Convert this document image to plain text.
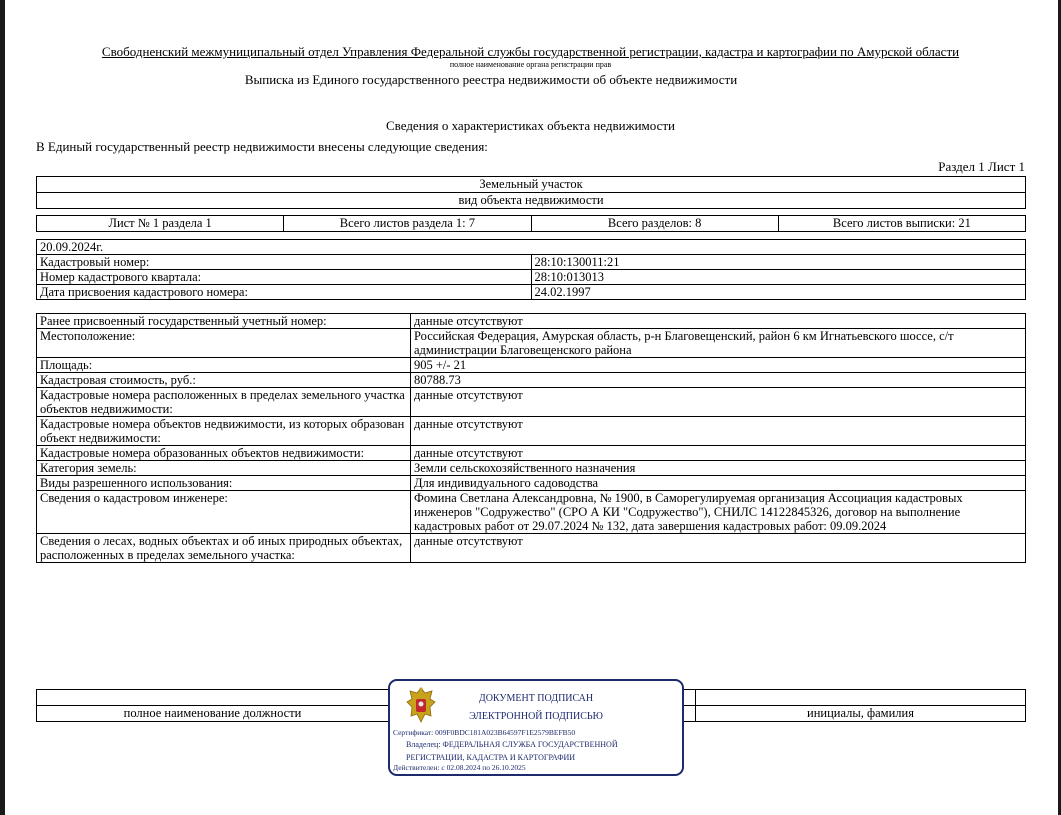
Свободненский межмуниципальный отдел Управления Федеральной службы государственной регистрации, кадастра и картографии по Амурской области
полное наименование органа регистрации прав
Выписка из Единого государственного реестра недвижимости об объекте недвижимости
Сведения о характеристиках объекта недвижимости
В Единый государственный реестр недвижимости внесены следующие сведения:
Раздел 1 Лист 1
Земельный участок
вид объекта недвижимости
Лист № 1 раздела 1	Всего листов раздела 1: 7	Всего разделов: 8	Всего листов выписки: 21
20.09.2024г.	
Кадастровый номер:	28:10:130011:21
Номер кадастрового квартала:	28:10:013013
Дата присвоения кадастрового номера:	24.02.1997
Ранее присвоенный государственный учетный номер:	данные отсутствуют
Местоположение:	Российская Федерация, Амурская область, р-н Благовещенский, район 6 км Игнатьевского шоссе, с/т администрации Благовещенского района
Площадь:	905 +/- 21
Кадастровая стоимость, руб.:	80788.73
Кадастровые номера расположенных в пределах земельного участка объектов недвижимости:	данные отсутствуют
Кадастровые номера объектов недвижимости, из которых образован объект недвижимости:	данные отсутствуют
Кадастровые номера образованных объектов недвижимости:	данные отсутствуют
Категория земель:	Земли сельскохозяйственного назначения
Виды разрешенного использования:	Для индивидуального садоводства
Сведения о кадастровом инженере:	Фомина Светлана Александровна, № 1900, в Саморегулируемая организация Ассоциация кадастровых инженеров "Содружество" (СРО А КИ "Содружество"), СНИЛС 14122845326, договор на выполнение кадастровых работ от 29.07.2024 № 132, дата завершения кадастровых работ: 09.09.2024
Сведения о лесах, водных объектах и об иных природных объектах, расположенных в пределах земельного участка:	данные отсутствуют

полное наименование должности		инициалы, фамилия
ДОКУМЕНТ ПОДПИСАН
ЭЛЕКТРОННОЙ ПОДПИСЬЮ
Сертификат: 009F0BDC181A023B64597F1E2579BEFB50
Владелец: ФЕДЕРАЛЬНАЯ СЛУЖБА ГОСУДАРСТВЕННОЙ
РЕГИСТРАЦИИ, КАДАСТРА И КАРТОГРАФИИ
Действителен: с 02.08.2024 по 26.10.2025
